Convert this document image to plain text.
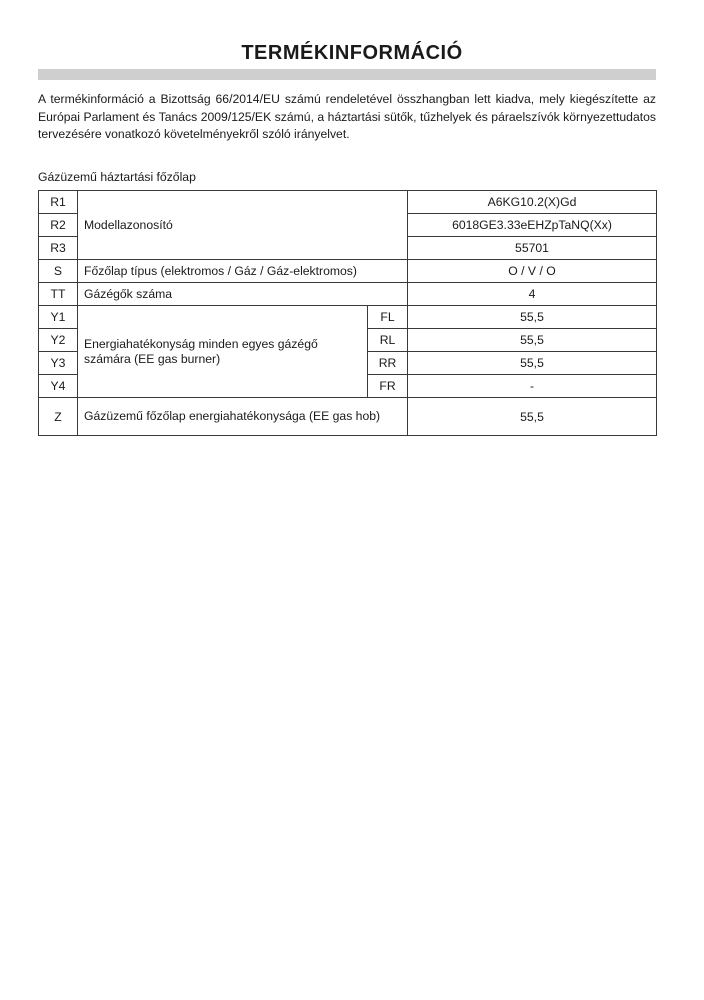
TERMÉKINFORMÁCIÓ

A termékinformáció a Bizottság 66/2014/EU számú rendeletével összhangban lett kiadva, mely kiegészítette az Európai Parlament és Tanács 2009/125/EK számú, a háztartási sütők, tűzhelyek és páraelszívók környezettudatos tervezésére vonatkozó követelményekről szóló irányelvet.

Gázüzemű háztartási főzőlap
R1	Modellazonosító		A6KG10.2(X)Gd
R2			6018GE3.33eEHZpTaNQ(Xx)
R3			55701
S	Főzőlap típus (elektromos / Gáz / Gáz-elektromos)		O / V / O
TT	Gázégők száma		4
Y1	Energiahatékonyság minden egyes gázégő számára (EE gas burner)	FL	55,5
Y2		RL	55,5
Y3		RR	55,5
Y4		FR	-
Z	Gázüzemű főzőlap energiahatékonysága (EE gas hob)		55,5
